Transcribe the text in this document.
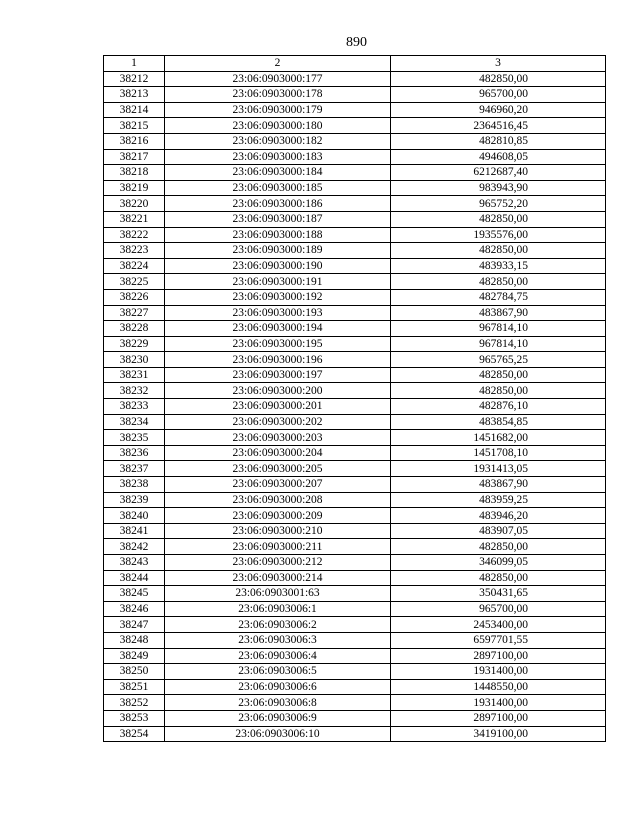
890
1	2	3
38212	23:06:0903000:177	482850,00
38213	23:06:0903000:178	965700,00
38214	23:06:0903000:179	946960,20
38215	23:06:0903000:180	2364516,45
38216	23:06:0903000:182	482810,85
38217	23:06:0903000:183	494608,05
38218	23:06:0903000:184	6212687,40
38219	23:06:0903000:185	983943,90
38220	23:06:0903000:186	965752,20
38221	23:06:0903000:187	482850,00
38222	23:06:0903000:188	1935576,00
38223	23:06:0903000:189	482850,00
38224	23:06:0903000:190	483933,15
38225	23:06:0903000:191	482850,00
38226	23:06:0903000:192	482784,75
38227	23:06:0903000:193	483867,90
38228	23:06:0903000:194	967814,10
38229	23:06:0903000:195	967814,10
38230	23:06:0903000:196	965765,25
38231	23:06:0903000:197	482850,00
38232	23:06:0903000:200	482850,00
38233	23:06:0903000:201	482876,10
38234	23:06:0903000:202	483854,85
38235	23:06:0903000:203	1451682,00
38236	23:06:0903000:204	1451708,10
38237	23:06:0903000:205	1931413,05
38238	23:06:0903000:207	483867,90
38239	23:06:0903000:208	483959,25
38240	23:06:0903000:209	483946,20
38241	23:06:0903000:210	483907,05
38242	23:06:0903000:211	482850,00
38243	23:06:0903000:212	346099,05
38244	23:06:0903000:214	482850,00
38245	23:06:0903001:63	350431,65
38246	23:06:0903006:1	965700,00
38247	23:06:0903006:2	2453400,00
38248	23:06:0903006:3	6597701,55
38249	23:06:0903006:4	2897100,00
38250	23:06:0903006:5	1931400,00
38251	23:06:0903006:6	1448550,00
38252	23:06:0903006:8	1931400,00
38253	23:06:0903006:9	2897100,00
38254	23:06:0903006:10	3419100,00
